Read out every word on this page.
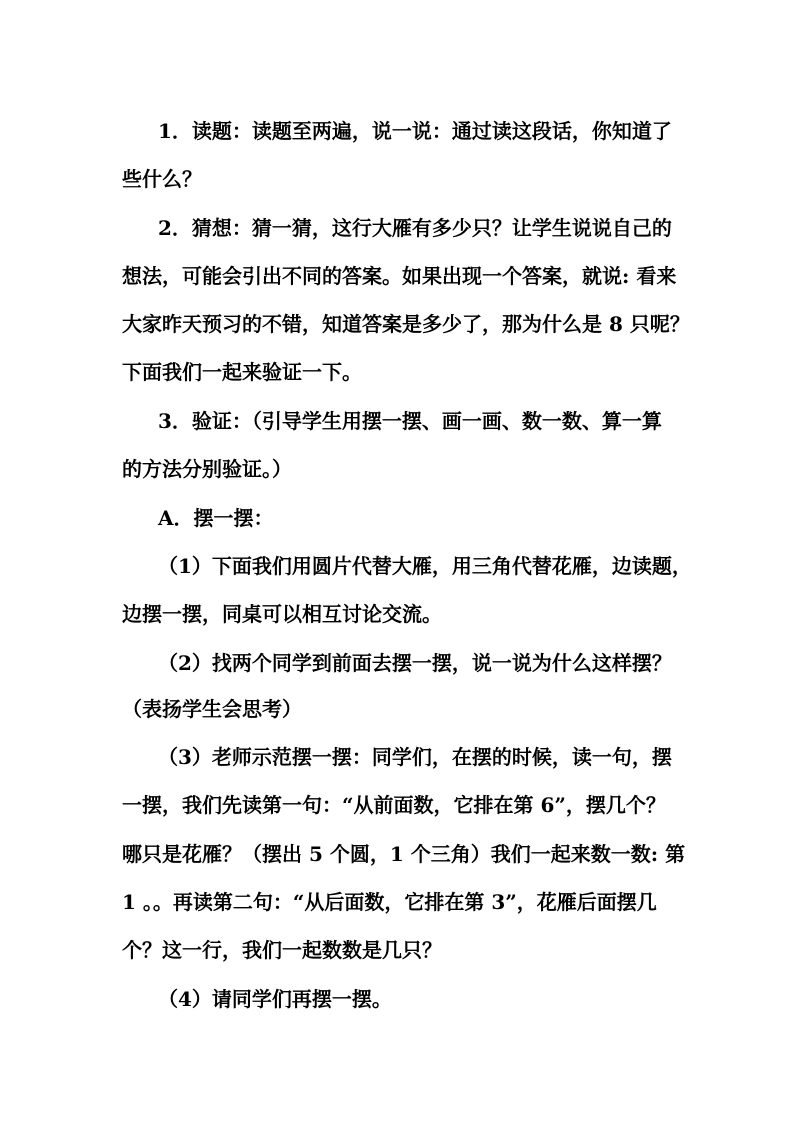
1．读题：读题至两遍，说一说：通过读这段话，你知道了
些什么？
2．猜想：猜一猜，这行大雁有多少只？让学生说说自己的
想法，可能会引出不同的答案。如果出现一个答案，就说: 看来
大家昨天预习的不错，知道答案是多少了，那为什么是 8 只呢？
下面我们一起来验证一下。
3．验证：（引导学生用摆一摆、画一画、数一数、算一算
的方法分别验证。）
A．摆一摆：
（1）下面我们用圆片代替大雁，用三角代替花雁，边读题，
边摆一摆，同桌可以相互讨论交流。
（2）找两个同学到前面去摆一摆，说一说为什么这样摆？
（表扬学生会思考）
（3）老师示范摆一摆：同学们，在摆的时候，读一句，摆
一摆，我们先读第一句：“从前面数，它排在第 6”，摆几个？
哪只是花雁？（摆出 5 个圆，1 个三角）我们一起来数一数: 第
1 。。再读第二句：“从后面数，它排在第 3”，花雁后面摆几
个？这一行，我们一起数数是几只？
（4）请同学们再摆一摆。
